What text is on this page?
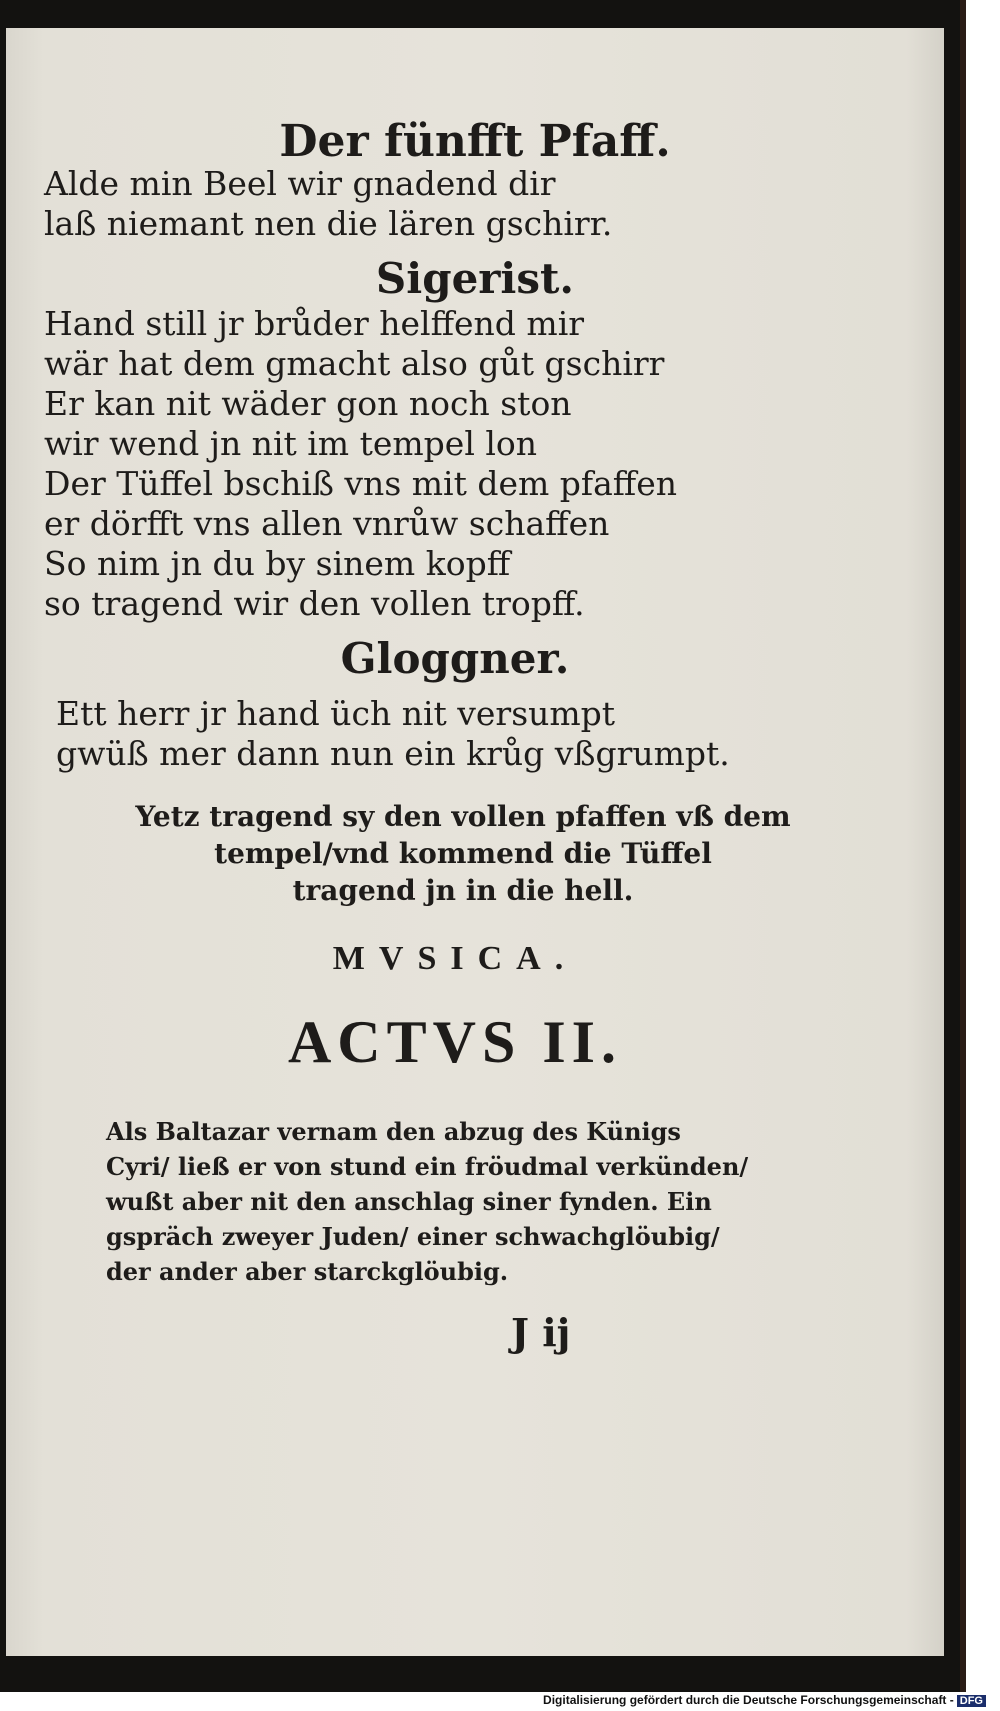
Der fünfft Pfaff.
Alde min Beel wir gnadend dir
laß niemant nen die lären gschirr.
Sigerist.
Hand still jr brůder helffend mir
wär hat dem gmacht also gůt gschirr
Er kan nit wäder gon noch ston
wir wend jn nit im tempel lon
Der Tüffel bschiß vns mit dem pfaffen
er dörfft vns allen vnrůw schaffen
So nim jn du by sinem kopff
so tragend wir den vollen tropff.
Gloggner.
Ett herr jr hand üch nit versumpt
gwüß mer dann nun ein krůg vßgrumpt.
Yetz tragend sy den vollen pfaffen vß dem
tempel/vnd kommend die Tüffel
tragend jn in die hell.
MVSICA.
ACTVS II.
Als Baltazar vernam den abzug des Künigs
Cyri/ ließ er von stund ein fröudmal verkünden/
wußt aber nit den anschlag siner fynden. Ein
gspräch zweyer Juden/ einer schwachglöubig/
der ander aber starckglöubig.
J ij
Digitalisierung gefördert durch die Deutsche Forschungsgemeinschaft - DFG
